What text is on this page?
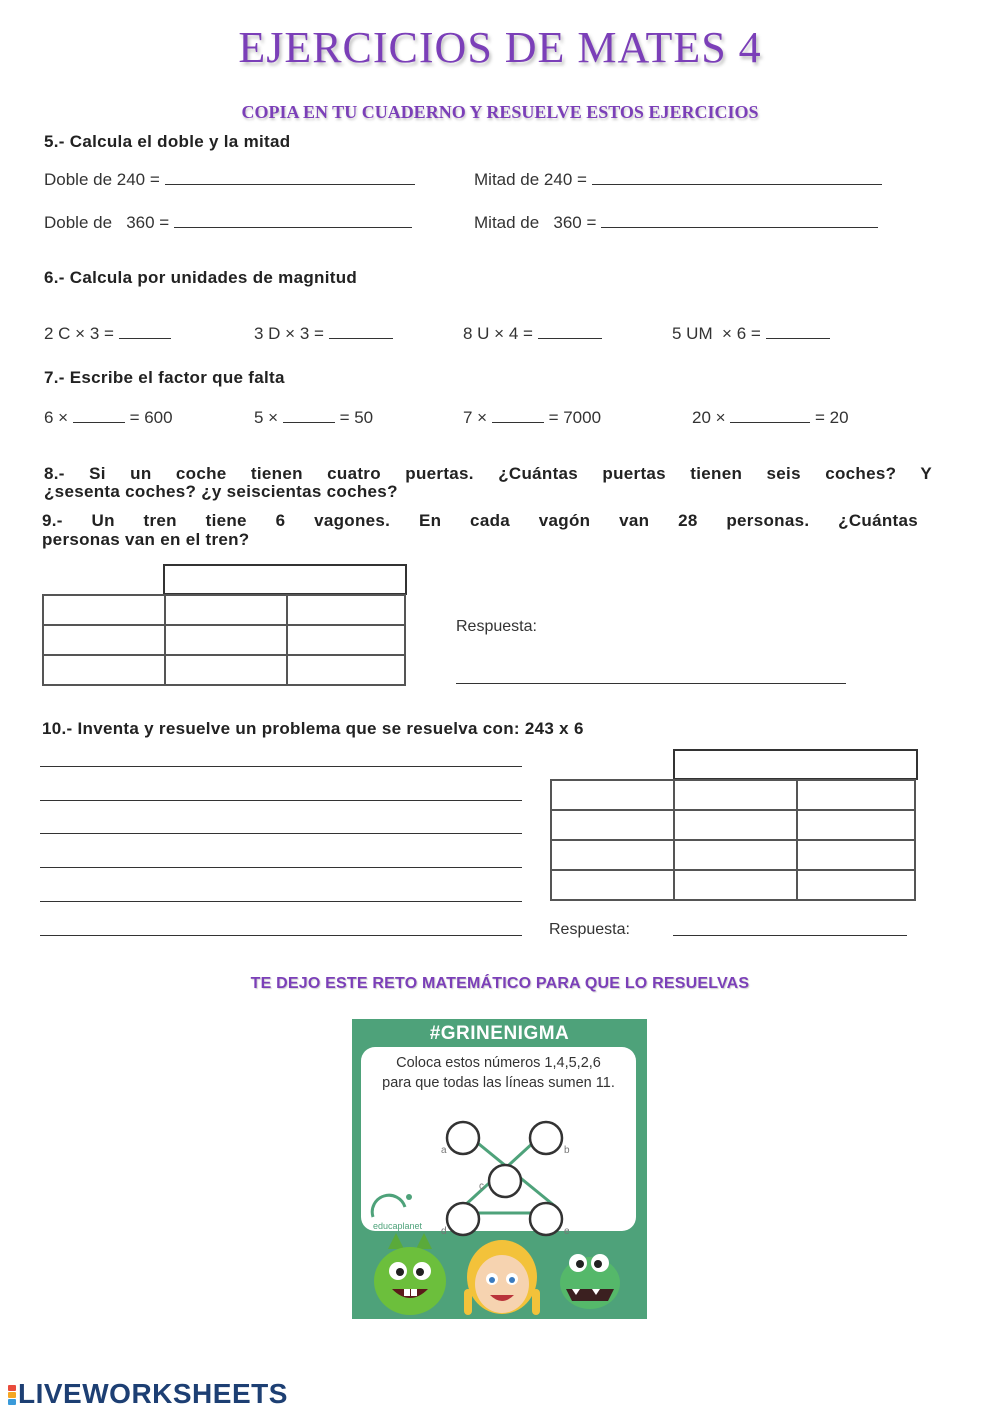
EJERCICIOS DE MATES 4
COPIA EN TU CUADERNO Y RESUELVE ESTOS EJERCICIOS
5.- Calcula el doble y la mitad
Doble de 240 =	Mitad de 240 =
Doble de   360 =	Mitad de   360 =
6.- Calcula por unidades de magnitud
2 C × 3 =	3 D × 3 =	8 U × 4 =	5 UM  × 6 =
7.- Escribe el factor que falta
6 ×	= 600	5 ×	= 50	7 ×	= 7000	20 ×	= 20
8.- Si un coche tienen cuatro puertas. ¿Cuántas puertas tienen seis coches? Y
¿sesenta coches? ¿y seiscientas coches?
9.- Un tren tiene 6 vagones. En cada vagón van 28 personas. ¿Cuántas
personas van en el tren?

Respuesta:
10.- Inventa y resuelve un problema que se resuelva con: 243 x 6

Respuesta:
TE DEJO ESTE RETO MATEMÁTICO PARA QUE LO RESUELVAS
#GRINENIGMA
Coloca estos números 1,4,5,2,6
para que todas las líneas sumen 11.
a	b
c
d	e
educaplanet
LIVEWORKSHEETS
